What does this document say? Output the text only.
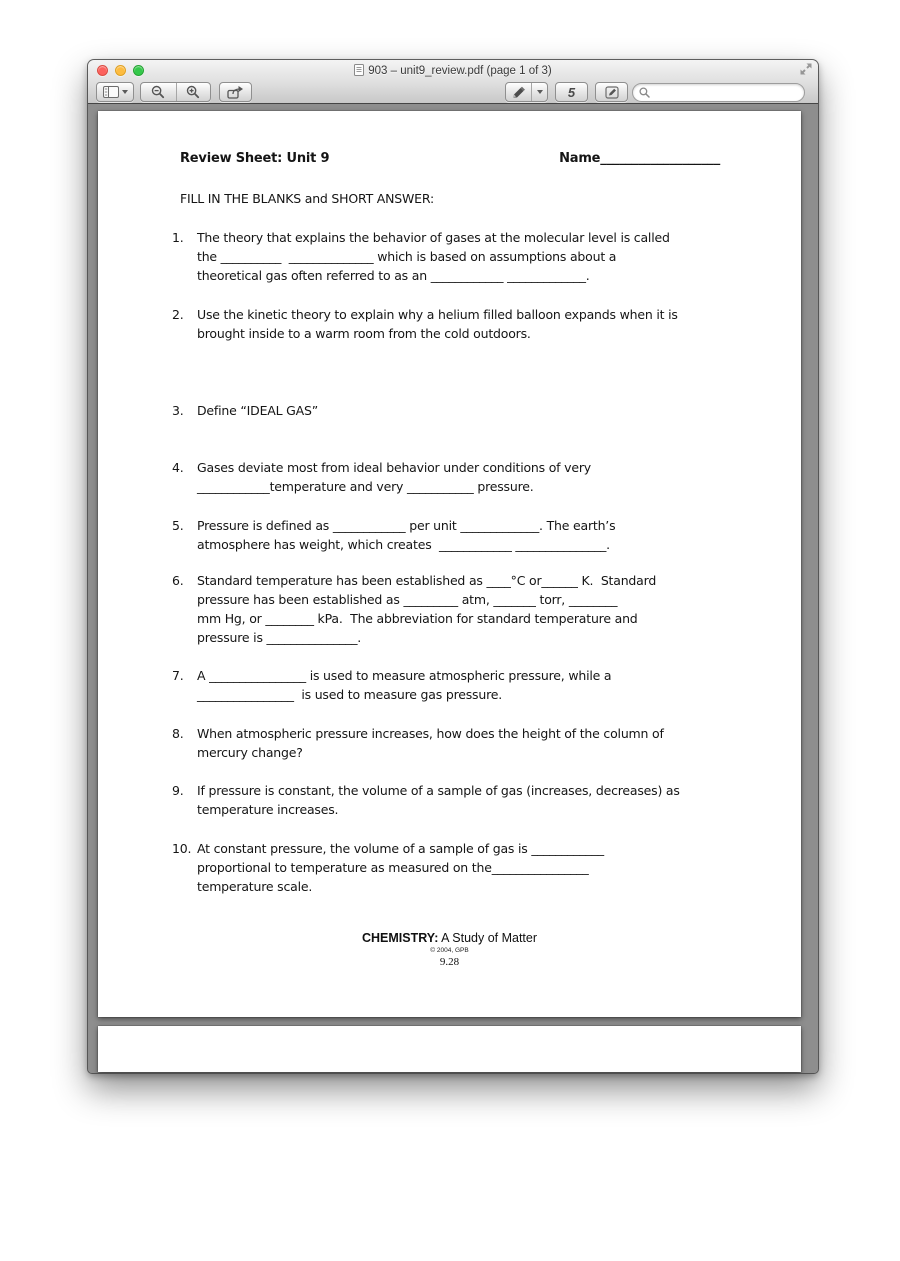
903 – unit9_review.pdf (page 1 of 3)
5
Review Sheet: Unit 9	Name___________________
FILL IN THE BLANKS and SHORT ANSWER:
1.	The theory that explains the behavior of gases at the molecular level is called
the __________  ______________ which is based on assumptions about a
theoretical gas often referred to as an ____________ _____________.
2.	Use the kinetic theory to explain why a helium filled balloon expands when it is
brought inside to a warm room from the cold outdoors.
3.	Define “IDEAL GAS”
4.	Gases deviate most from ideal behavior under conditions of very
____________temperature and very ___________ pressure.
5.	Pressure is defined as ____________ per unit _____________. The earth’s
atmosphere has weight, which creates  ____________ _______________.
6.	Standard temperature has been established as ____°C or______ K.  Standard
pressure has been established as _________ atm, _______ torr, ________
mm Hg, or ________ kPa.  The abbreviation for standard temperature and
pressure is _______________.
7.	A ________________ is used to measure atmospheric pressure, while a
________________  is used to measure gas pressure.
8.	When atmospheric pressure increases, how does the height of the column of
mercury change?
9.	If pressure is constant, the volume of a sample of gas (increases, decreases) as
temperature increases.
10. At constant pressure, the volume of a sample of gas is ____________
proportional to temperature as measured on the________________
temperature scale.
CHEMISTRY: A Study of Matter
© 2004, GPB
9.28
